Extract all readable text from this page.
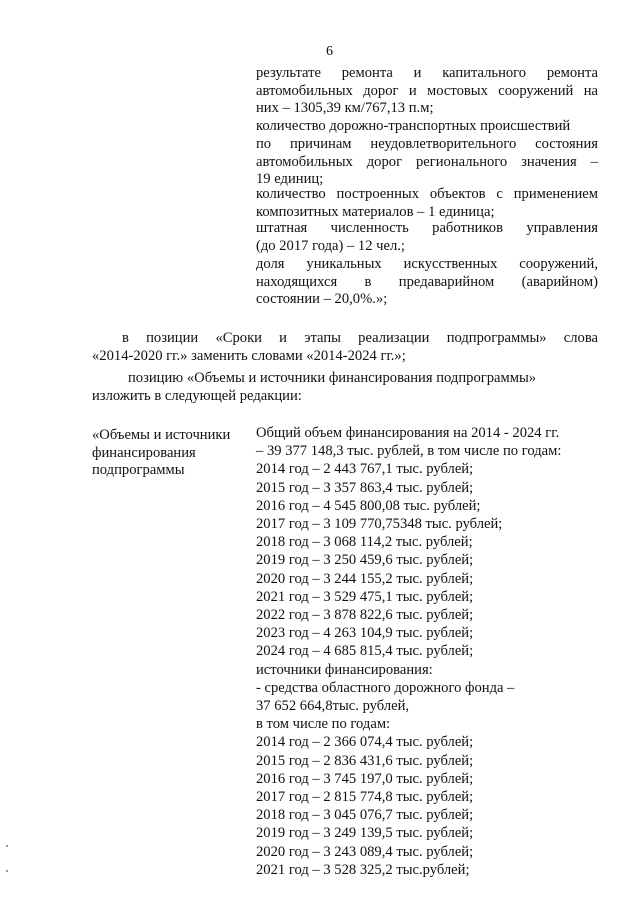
6
результате ремонта и капитального ремонта
автомобильных дорог и мостовых сооружений на
них – 1305,39 км/767,13 п.м;
количество дорожно-транспортных происшествий
по причинам неудовлетворительного состояния
автомобильных дорог регионального значения –
19 единиц;
количество построенных объектов с применением
композитных материалов – 1 единица;
штатная численность работников управления
(до 2017 года) – 12 чел.;
доля уникальных искусственных сооружений,
находящихся в предаварийном (аварийном)
состоянии – 20,0%.»;
в позиции «Сроки и этапы реализации подпрограммы» слова
«2014-2020 гг.» заменить словами «2014-2024 гг.»;
позицию «Объемы и источники финансирования подпрограммы»
изложить в следующей редакции:
«Объемы и источники
финансирования
подпрограммы
Общий объем финансирования на 2014 - 2024 гг.
– 39 377 148,3 тыс. рублей, в том числе по годам:
2014 год – 2 443 767,1 тыс. рублей;
2015 год – 3 357 863,4 тыс. рублей;
2016 год – 4 545 800,08 тыс. рублей;
2017 год – 3 109 770,75348 тыс. рублей;
2018 год – 3 068 114,2 тыс. рублей;
2019 год – 3 250 459,6 тыс. рублей;
2020 год – 3 244 155,2 тыс. рублей;
2021 год – 3 529 475,1 тыс. рублей;
2022 год – 3 878 822,6 тыс. рублей;
2023 год – 4 263 104,9 тыс. рублей;
2024 год – 4 685 815,4 тыс. рублей;
источники финансирования:
- средства областного дорожного фонда –
37 652 664,8тыс. рублей,
в том числе по годам:
2014 год – 2 366 074,4 тыс. рублей;
2015 год – 2 836 431,6 тыс. рублей;
2016 год – 3 745 197,0 тыс. рублей;
2017 год – 2 815 774,8 тыс. рублей;
2018 год – 3 045 076,7 тыс. рублей;
2019 год – 3 249 139,5 тыс. рублей;
2020 год – 3 243 089,4 тыс. рублей;
2021 год – 3 528 325,2 тыс.рублей;
